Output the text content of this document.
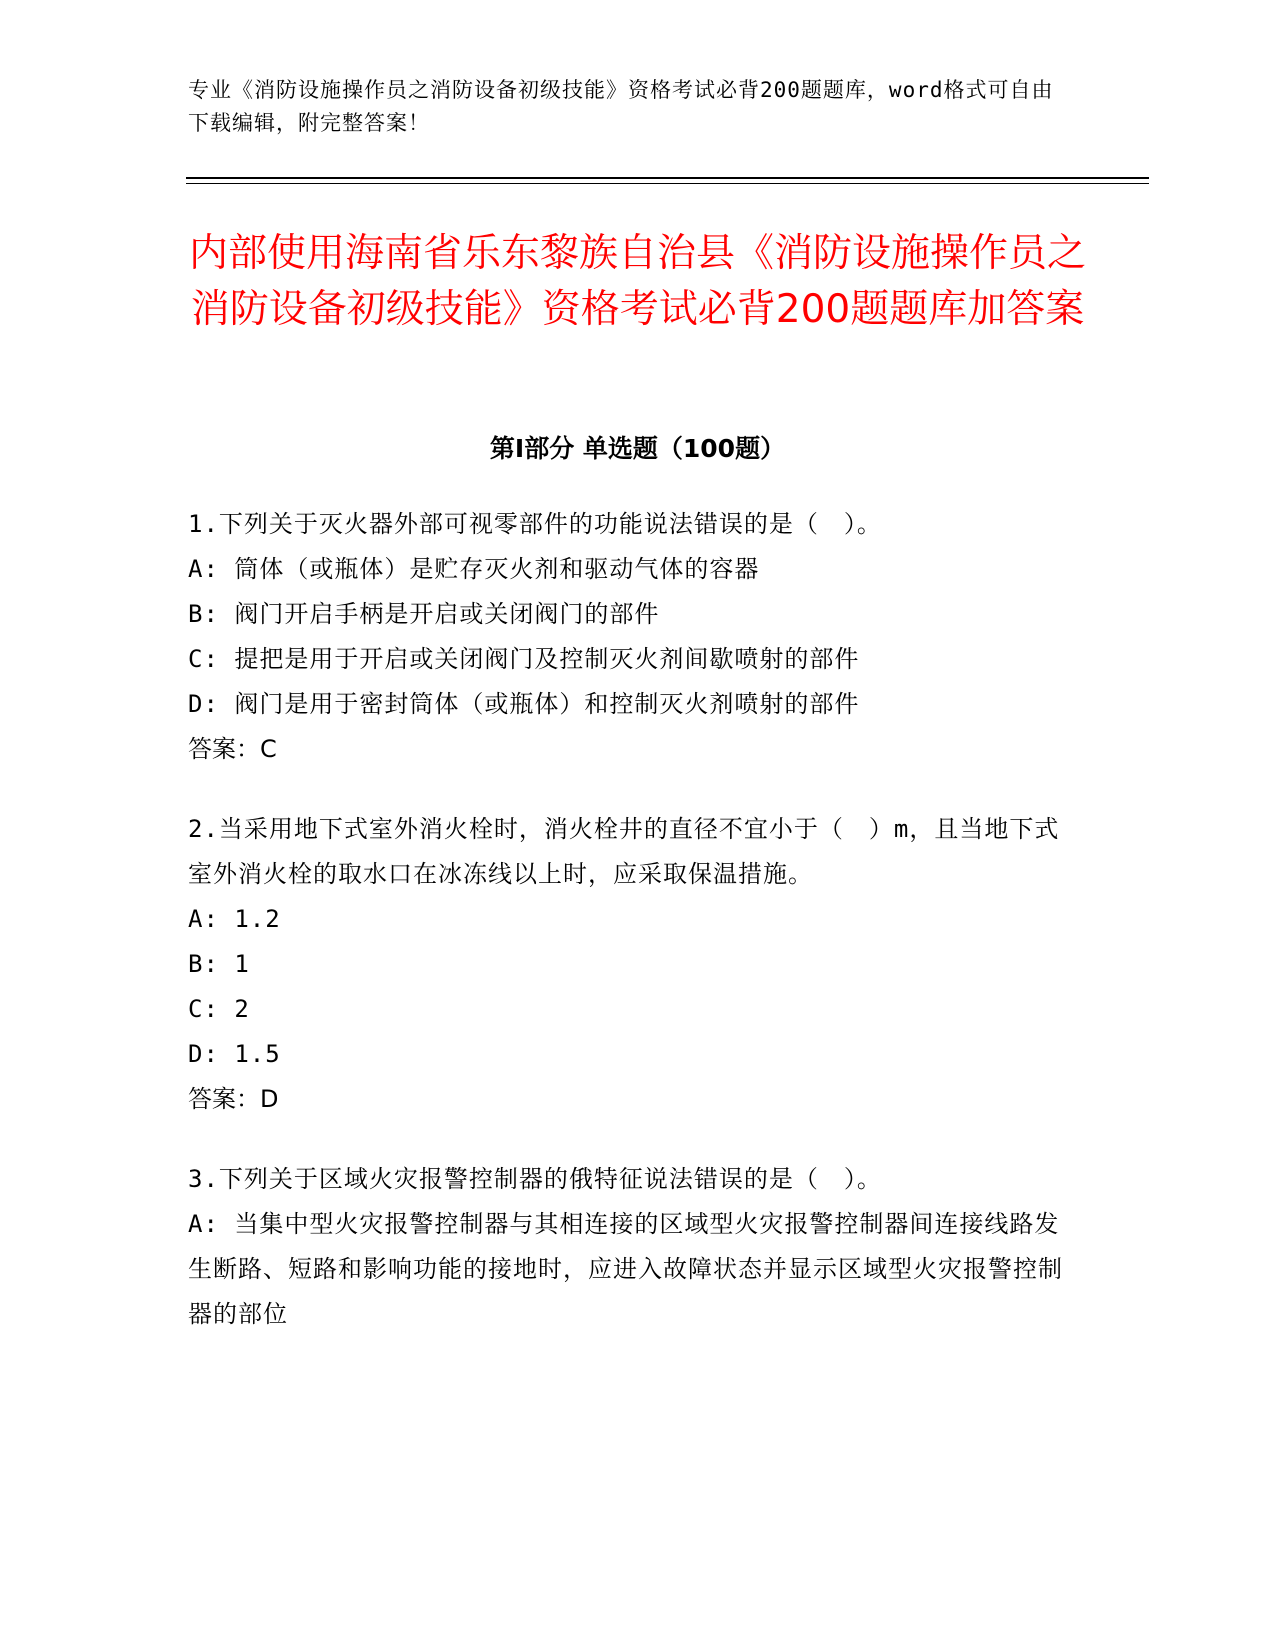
专业《消防设施操作员之消防设备初级技能》资格考试必背200题题库，word格式可自由下载编辑，附完整答案！
内部使用海南省乐东黎族自治县《消防设施操作员之消防设备初级技能》资格考试必背200题题库加答案
第I部分 单选题（100题）
1.下列关于灭火器外部可视零部件的功能说法错误的是（　）。
A: 筒体（或瓶体）是贮存灭火剂和驱动气体的容器
B: 阀门开启手柄是开启或关闭阀门的部件
C: 提把是用于开启或关闭阀门及控制灭火剂间歇喷射的部件
D: 阀门是用于密封筒体（或瓶体）和控制灭火剂喷射的部件
答案：C
2.当采用地下式室外消火栓时，消火栓井的直径不宜小于（　）m，且当地下式室外消火栓的取水口在冰冻线以上时，应采取保温措施。
A: 1.2
B: 1
C: 2
D: 1.5
答案：D
3.下列关于区域火灾报警控制器的俄特征说法错误的是（　）。
A: 当集中型火灾报警控制器与其相连接的区域型火灾报警控制器间连接线路发生断路、短路和影响功能的接地时，应进入故障状态并显示区域型火灾报警控制器的部位
